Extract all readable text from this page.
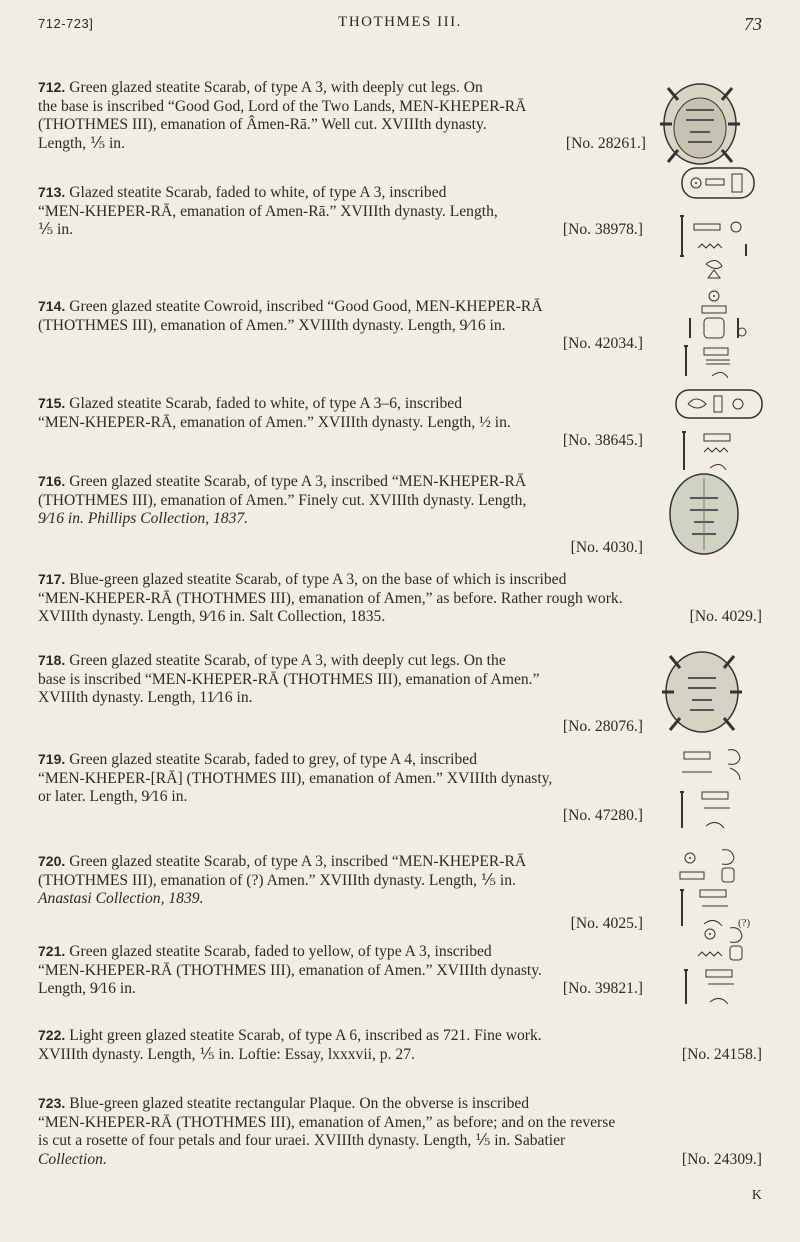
712-723]	THOTHMES III.	73
712. Green glazed steatite Scarab, of type A 3, with deeply cut legs. On
the base is inscribed “Good God, Lord of the Two Lands, MEN-KHEPER-RĀ
(THOTHMES III), emanation of Âmen-Rā.” Well cut. XVIIIth dynasty.
Length, ⅕ in.	[No. 28261.]
713. Glazed steatite Scarab, faded to white, of type A 3, inscribed
“MEN-KHEPER-RĀ, emanation of Amen-Rā.” XVIIIth dynasty. Length,
⅕ in.	[No. 38978.]
714. Green glazed steatite Cowroid, inscribed “Good Good, MEN-KHEPER-RĀ
(THOTHMES III), emanation of Amen.” XVIIIth dynasty. Length, 9⁄16 in.
[No. 42034.]
715. Glazed steatite Scarab, faded to white, of type A 3–6, inscribed
“MEN-KHEPER-RĀ, emanation of Amen.” XVIIIth dynasty. Length, ½ in.
[No. 38645.]
716. Green glazed steatite Scarab, of type A 3, inscribed “MEN-KHEPER-RĀ
(THOTHMES III), emanation of Amen.” Finely cut. XVIIIth dynasty. Length,
9⁄16 in. Phillips Collection, 1837.
[No. 4030.]
717. Blue-green glazed steatite Scarab, of type A 3, on the base of which is inscribed
“MEN-KHEPER-RĀ (THOTHMES III), emanation of Amen,” as before. Rather rough work.
XVIIIth dynasty. Length, 9⁄16 in. Salt Collection, 1835.	[No. 4029.]
718. Green glazed steatite Scarab, of type A 3, with deeply cut legs. On the
base is inscribed “MEN-KHEPER-RĀ (THOTHMES III), emanation of Amen.”
XVIIIth dynasty. Length, 11⁄16 in.
[No. 28076.]
719. Green glazed steatite Scarab, faded to grey, of type A 4, inscribed
“MEN-KHEPER-[RĀ] (THOTHMES III), emanation of Amen.” XVIIIth dynasty,
or later. Length, 9⁄16 in.
[No. 47280.]
720. Green glazed steatite Scarab, of type A 3, inscribed “MEN-KHEPER-RĀ
(THOTHMES III), emanation of (?) Amen.” XVIIIth dynasty. Length, ⅕ in.
Anastasi Collection, 1839.
[No. 4025.]	(?)
721. Green glazed steatite Scarab, faded to yellow, of type A 3, inscribed
“MEN-KHEPER-RĀ (THOTHMES III), emanation of Amen.” XVIIIth dynasty.
Length, 9⁄16 in.	[No. 39821.]
722. Light green glazed steatite Scarab, of type A 6, inscribed as 721. Fine work.
XVIIIth dynasty. Length, ⅕ in. Loftie: Essay, lxxxvii, p. 27.	[No. 24158.]
723. Blue-green glazed steatite rectangular Plaque. On the obverse is inscribed
“MEN-KHEPER-RĀ (THOTHMES III), emanation of Amen,” as before; and on the reverse
is cut a rosette of four petals and four uraei. XVIIIth dynasty. Length, ⅕ in. Sabatier
Collection.	[No. 24309.]
K
